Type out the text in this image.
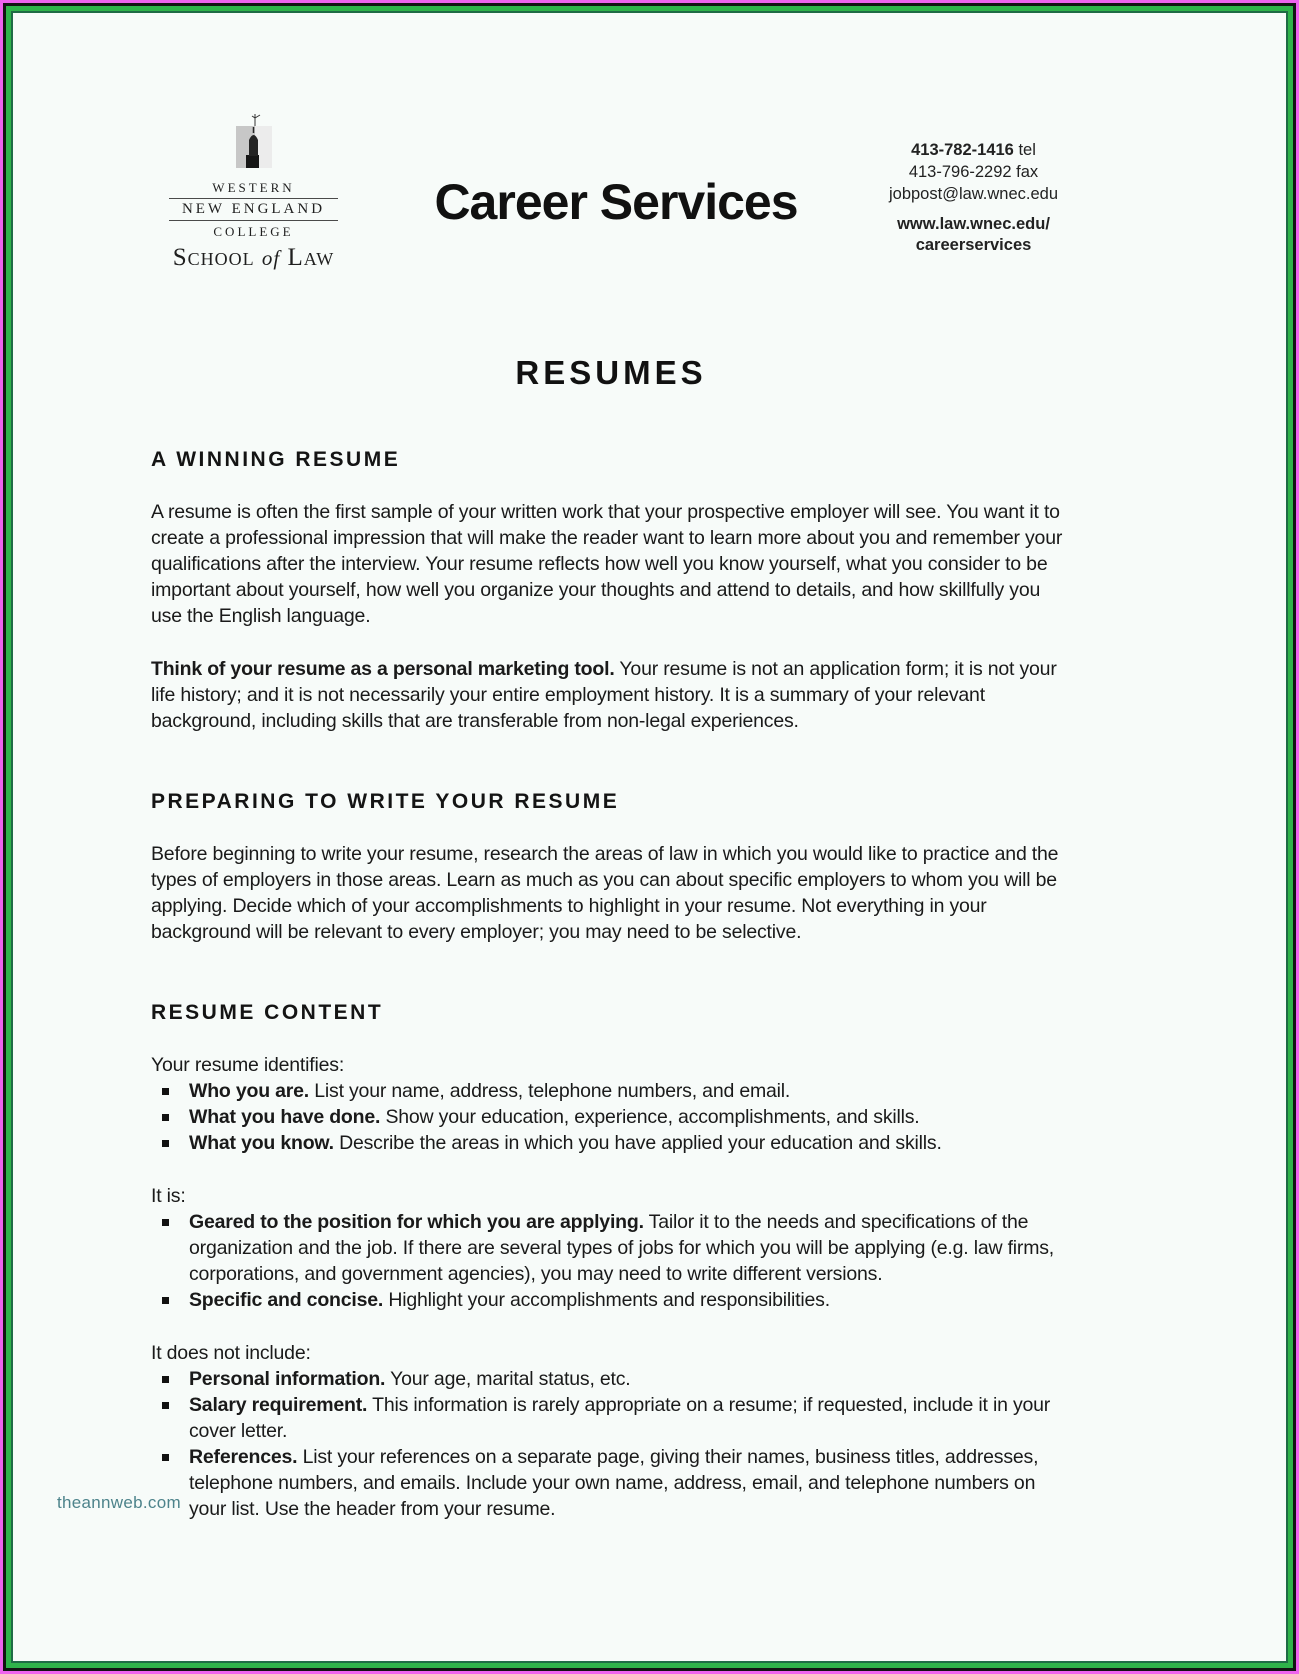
WESTERN
NEW ENGLAND
COLLEGE
School of Law
Career Services
413-782-1416 tel
413-796-2292 fax
jobpost@law.wnec.edu
www.law.wnec.edu/
careerservices
RESUMES
A WINNING RESUME

A resume is often the first sample of your written work that your prospective employer will see. You want it to create a professional impression that will make the reader want to learn more about you and remember your qualifications after the interview. Your resume reflects how well you know yourself, what you consider to be important about yourself, how well you organize your thoughts and attend to details, and how skillfully you use the English language.

Think of your resume as a personal marketing tool. Your resume is not an application form; it is not your life history; and it is not necessarily your entire employment history. It is a summary of your relevant background, including skills that are transferable from non-legal experiences.

PREPARING TO WRITE YOUR RESUME

Before beginning to write your resume, research the areas of law in which you would like to practice and the types of employers in those areas. Learn as much as you can about specific employers to whom you will be applying. Decide which of your accomplishments to highlight in your resume. Not everything in your background will be relevant to every employer; you may need to be selective.

RESUME CONTENT

Your resume identifies:

Who you are. List your name, address, telephone numbers, and email.
What you have done. Show your education, experience, accomplishments, and skills.
What you know. Describe the areas in which you have applied your education and skills.

It is:

Geared to the position for which you are applying. Tailor it to the needs and specifications of the organization and the job. If there are several types of jobs for which you will be applying (e.g. law firms, corporations, and government agencies), you may need to write different versions.
Specific and concise. Highlight your accomplishments and responsibilities.

It does not include:

Personal information. Your age, marital status, etc.
Salary requirement. This information is rarely appropriate on a resume; if requested, include it in your cover letter.
References. List your references on a separate page, giving their names, business titles, addresses, telephone numbers, and emails. Include your own name, address, email, and telephone numbers on your list. Use the header from your resume.
theannweb.com
